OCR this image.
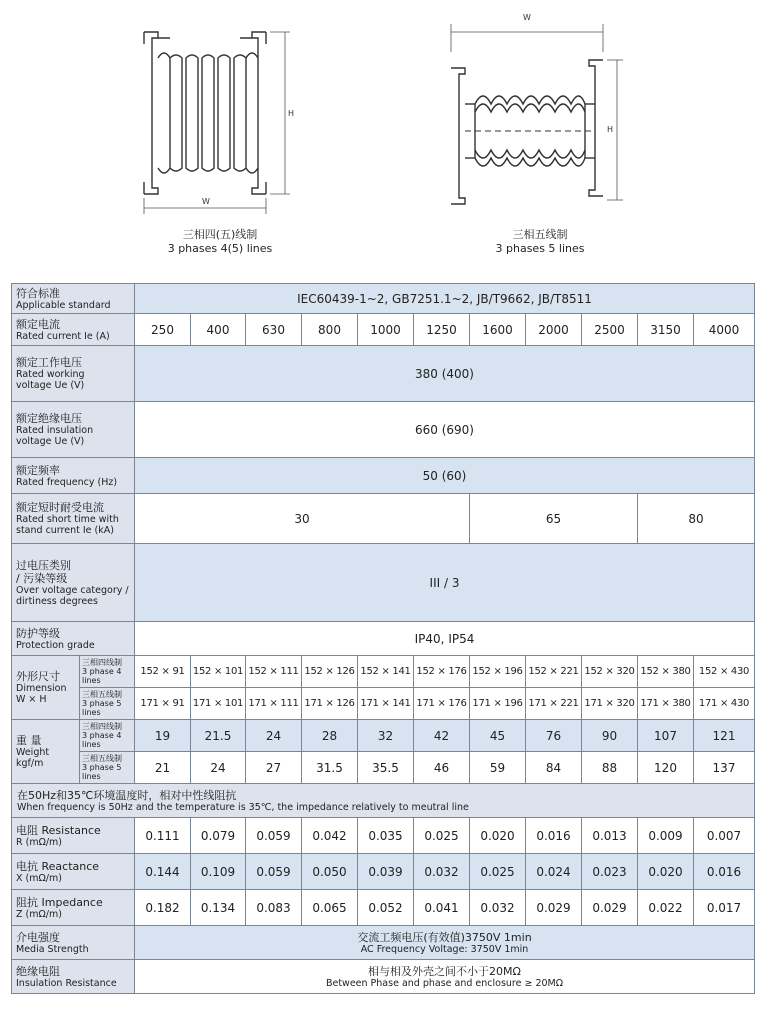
H
W
三相四(五)线制
3 phases 4(5) lines
W
H
三相五线制
3 phases 5 lines
符合标准
Applicable standard		IEC60439-1~2, GB7251.1~2, JB/T9662, JB/T8511										

额定电流
Rated current Ie (A)		250	400	630	800	1000	1250	1600	2000	2500	3150	4000

额定工作电压
Rated working
voltage Ue (V)		380 (400)										

额定绝缘电压
Rated insulation
voltage Ue (V)		660 (690)										

额定频率
Rated frequency (Hz)		50 (60)										

额定短时耐受电流
Rated short time with
stand current Ie (kA)		30						65			80	

过电压类别
/ 污染等级
Over voltage category /
dirtiness degrees		III / 3										

防护等级
Protection grade		IP40, IP54										

外形尺寸
Dimension
W × H	三相四线制
3 phase 4 lines	152 × 91	152 × 101	152 × 111	152 × 126	152 × 141	152 × 176	152 × 196	152 × 221	152 × 320	152 × 380	152 × 430

	三相五线制
3 phase 5 lines	171 × 91	171 × 101	171 × 111	171 × 126	171 × 141	171 × 176	171 × 196	171 × 221	171 × 320	171 × 380	171 × 430

重 量
Weight
kgf/m	三相四线制
3 phase 4 lines	19	21.5	24	28	32	42	45	76	90	107	121

	三相五线制
3 phase 5 lines	21	24	27	31.5	35.5	46	59	84	88	120	137

在50Hz和35℃环境温度时，相对中性线阻抗
When frequency is 50Hz and the temperature is 35℃, the impedance relatively to meutral line												

电阻 Resistance
R (mΩ/m)		0.111	0.079	0.059	0.042	0.035	0.025	0.020	0.016	0.013	0.009	0.007

电抗 Reactance
X (mΩ/m)		0.144	0.109	0.059	0.050	0.039	0.032	0.025	0.024	0.023	0.020	0.016

阻抗 Impedance
Z (mΩ/m)		0.182	0.134	0.083	0.065	0.052	0.041	0.032	0.029	0.029	0.022	0.017

介电强度
Media Strength		交流工频电压(有效值)3750V 1min
AC Frequency Voltage: 3750V 1min										

绝缘电阻
Insulation Resistance		相与相及外壳之间不小于20MΩ
Between Phase and phase and enclosure ≥ 20MΩ										
